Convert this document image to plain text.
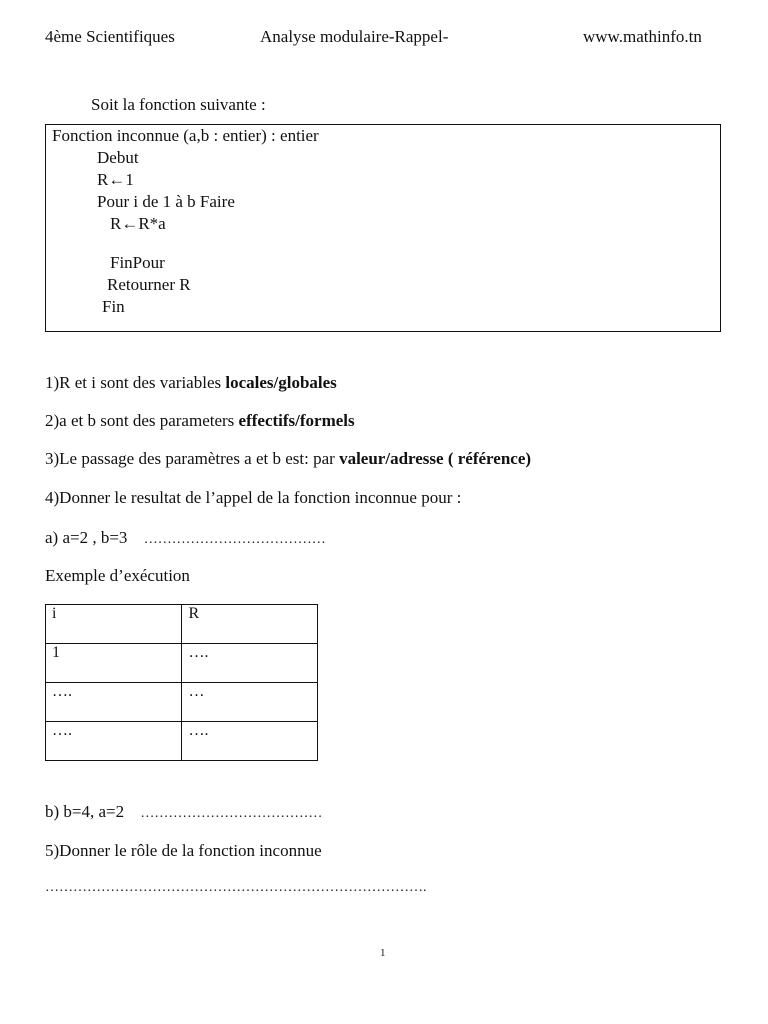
4ème Scientifiques	Analyse modulaire-Rappel-	www.mathinfo.tn
Soit la fonction suivante :
Fonction inconnue (a,b : entier) : entier
Debut
R←1
Pour i de 1 à b Faire
R←R*a
FinPour
Retourner R
Fin
1)R et i sont des variables locales/globales
2)a et b sont des parameters effectifs/formels
3)Le passage des paramètres a et b est: par valeur/adresse ( référence)
4)Donner le resultat de l’appel de la fonction inconnue pour :
a) a=2 , b=3 …………………………………
Exemple d’exécution
i	R
1	….
….	…
….	….
b) b=4, a=2 …………………………………
5)Donner le rôle de la fonction inconnue
……………………………………………………………………….
1
